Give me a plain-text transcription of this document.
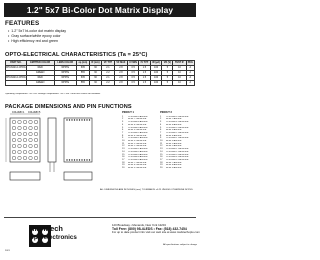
1.2" 5x7 Bi-Color Dot Matrix Display
FEATURES
• 1.2" 5x7 bi-color dot matrix display
• Gray surface/white epoxy color
• High efficiency red and green
OPTO-ELECTRICAL CHARACTERISTICS (Ta = 25°C)
PART NO.	EMITTED COLOR	LENS COLOR	λp (nm)	IF (mA)	VF TYP	VF MAX	IV MIN	IV TYP	IR (µA)	VR (V)	TEST IF	PKG
MTAN4212-CHRG	RED	WHITE	635	30	2.1	2.8	0.5	1.5	100	5	10	A
	GREEN	WHITE	565	30	2.2	2.8	0.5	1.5	100	5	10	A
MTAN4212-CHRG	RED	WHITE	635	30	2.1	2.8	0.5	1.5	100	5	10	A
	GREEN	WHITE	565	30	2.2	2.8	0.5	1.5	100	5	10	A
Operating Temperature: -35~+85. Storage Temperature: -35~+100. Other face colors are available.
PACKAGE DIMENSIONS AND PIN FUNCTIONS
COLUMN 1 COLUMN 5	PINOUT 1
1	COLUMN 5 ANODE
2	ROW 7 CATHODE
3	COLUMN 4 ANODE
4	ROW 6 CATHODE
5	COLUMN 3 ANODE
6	ROW 5 CATHODE
7	COLUMN 2 ANODE
8	ROW 4 CATHODE
9	COLUMN 1 ANODE
10	ROW 3 CATHODE
11	ROW 2 CATHODE
12	ROW 1 CATHODE
13	COLUMN 1 ANODE
14	COLUMN 2 ANODE
15	COLUMN 3 ANODE
16	COLUMN 4 ANODE
17	COLUMN 5 ANODE
18	ROW 7 CATHODE
19	ROW 6 CATHODE
20	ROW 5 CATHODE
PINOUT 2
1	COLUMN 5 CATHODE
2	ROW 7 ANODE
3	COLUMN 4 CATHODE
4	ROW 6 ANODE
5	COLUMN 3 CATHODE
6	ROW 5 ANODE
7	COLUMN 2 CATHODE
8	ROW 4 ANODE
9	COLUMN 1 CATHODE
10	ROW 3 ANODE
11	ROW 2 ANODE
12	ROW 1 ANODE
13	COLUMN 1 CATHODE
14	COLUMN 2 CATHODE
15	COLUMN 3 CATHODE
16	COLUMN 4 CATHODE
17	COLUMN 5 CATHODE
18	ROW 7 ANODE
19	ROW 6 ANODE
20	ROW 5 ANODE
ALL DIMENSIONS ARE IN INCHES (mm). TOLERANCE ±0.25 UNLESS OTHERWISE NOTED.
marktech
optoelectronics
120 Broadway • Menands, New York 12204
Toll Free: (800) 98-4LEDS • Fax: (518) 432-7454
For up to date product info visit our web site at www.marktechopto.com
All specifications subject to change
2021
